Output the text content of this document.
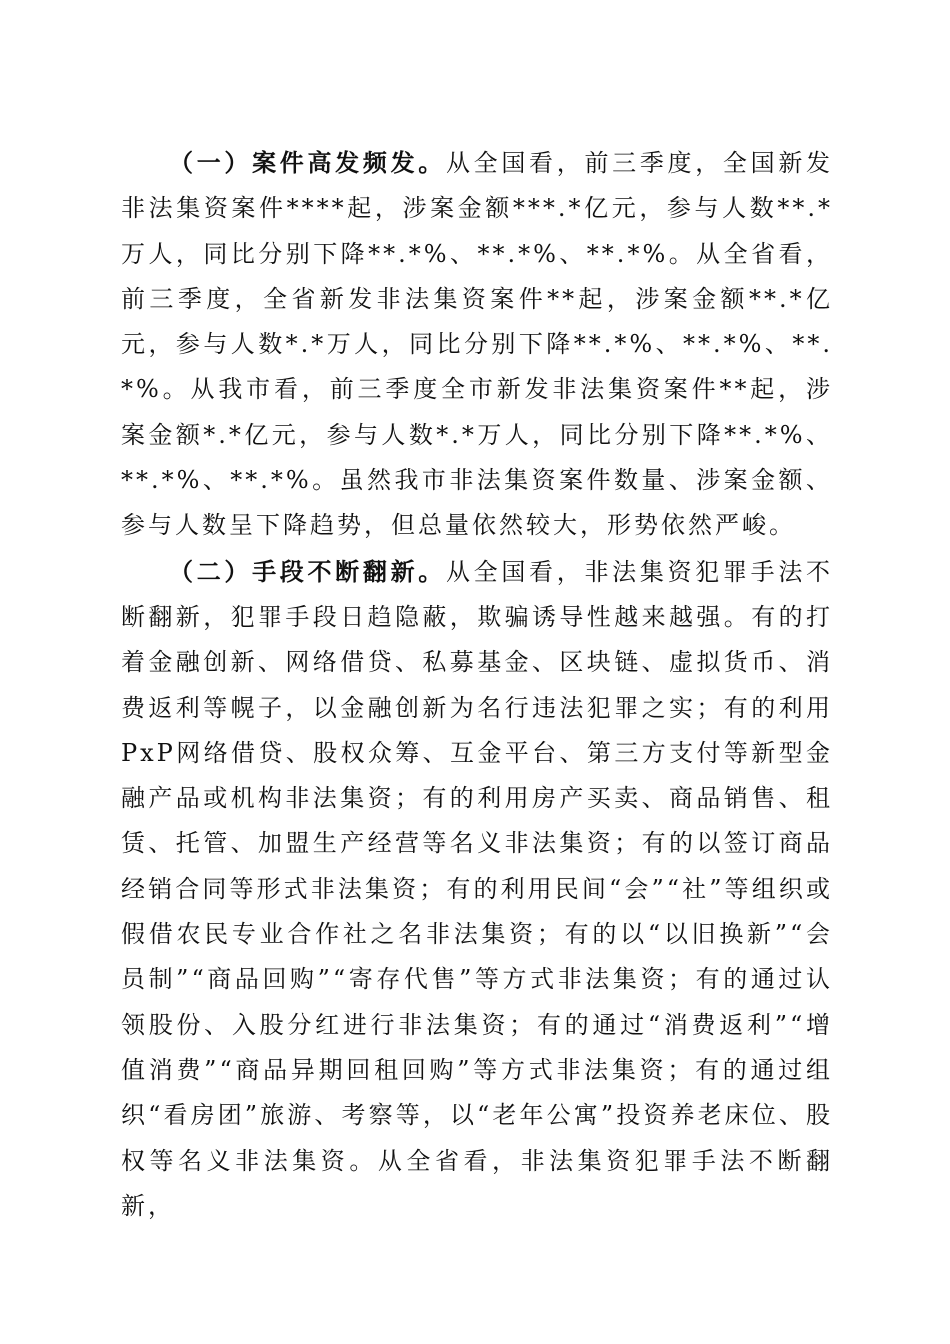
（一）案件高发频发。从全国看，前三季度，全国新发非法集资案件****起，涉案金额***.*亿元，参与人数**.*万人，同比分别下降**.*%、**.*%、**.*%。从全省看，前三季度，全省新发非法集资案件**起，涉案金额**.*亿元，参与人数*.*万人，同比分别下降**.*%、**.*%、**.*%。从我市看，前三季度全市新发非法集资案件**起，涉案金额*.*亿元，参与人数*.*万人，同比分别下降**.*%、**.*%、**.*%。虽然我市非法集资案件数量、涉案金额、参与人数呈下降趋势，但总量依然较大，形势依然严峻。

（二）手段不断翻新。从全国看，非法集资犯罪手法不断翻新，犯罪手段日趋隐蔽，欺骗诱导性越来越强。有的打着金融创新、网络借贷、私募基金、区块链、虚拟货币、消费返利等幌子，以金融创新为名行违法犯罪之实；有的利用PxP网络借贷、股权众筹、互金平台、第三方支付等新型金融产品或机构非法集资；有的利用房产买卖、商品销售、租赁、托管、加盟生产经营等名义非法集资；有的以签订商品经销合同等形式非法集资；有的利用民间“会”“社”等组织或假借农民专业合作社之名非法集资；有的以“以旧换新”“会员制”“商品回购”“寄存代售”等方式非法集资；有的通过认领股份、入股分红进行非法集资；有的通过“消费返利”“增值消费”“商品异期回租回购”等方式非法集资；有的通过组织“看房团”旅游、考察等，以“老年公寓”投资养老床位、股权等名义非法集资。从全省看，非法集资犯罪手法不断翻新，
